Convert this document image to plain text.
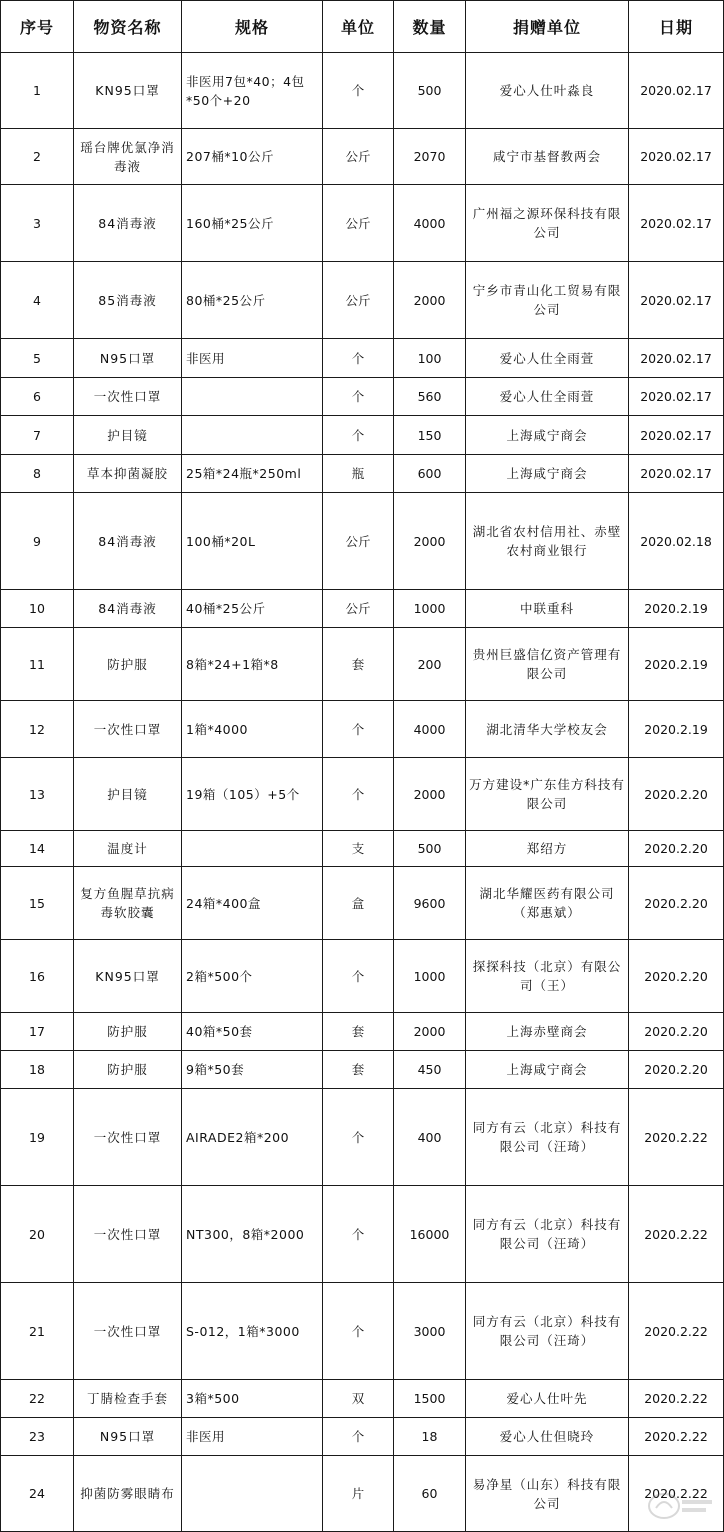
序号	物资名称	规格	单位	数量	捐赠单位	日期
1	KN95口罩	非医用7包*40；4包*50个+20	个	500	爱心人仕叶淼良	2020.02.17
2	瑶台牌优氯净消毒液	207桶*10公斤	公斤	2070	咸宁市基督教两会	2020.02.17
3	84消毒液	160桶*25公斤	公斤	4000	广州福之源环保科技有限公司	2020.02.17
4	85消毒液	80桶*25公斤	公斤	2000	宁乡市青山化工贸易有限公司	2020.02.17
5	N95口罩	非医用	个	100	爱心人仕全雨萱	2020.02.17
6	一次性口罩		个	560	爱心人仕全雨萱	2020.02.17
7	护目镜		个	150	上海咸宁商会	2020.02.17
8	草本抑菌凝胶	25箱*24瓶*250ml	瓶	600	上海咸宁商会	2020.02.17
9	84消毒液	100桶*20L	公斤	2000	湖北省农村信用社、赤壁农村商业银行	2020.02.18
10	84消毒液	40桶*25公斤	公斤	1000	中联重科	2020.2.19
11	防护服	8箱*24+1箱*8	套	200	贵州巨盛信亿资产管理有限公司	2020.2.19
12	一次性口罩	1箱*4000	个	4000	湖北清华大学校友会	2020.2.19
13	护目镜	19箱（105）+5个	个	2000	万方建设*广东佳方科技有限公司	2020.2.20
14	温度计		支	500	郑绍方	2020.2.20
15	复方鱼腥草抗病毒软胶囊	24箱*400盒	盒	9600	湖北华耀医药有限公司（郑惠斌）	2020.2.20
16	KN95口罩	2箱*500个	个	1000	探探科技（北京）有限公司（王）	2020.2.20
17	防护服	40箱*50套	套	2000	上海赤壁商会	2020.2.20
18	防护服	9箱*50套	套	450	上海咸宁商会	2020.2.20
19	一次性口罩	AIRADE2箱*200	个	400	同方有云（北京）科技有限公司（汪琦）	2020.2.22
20	一次性口罩	NT300，8箱*2000	个	16000	同方有云（北京）科技有限公司（汪琦）	2020.2.22
21	一次性口罩	S-012，1箱*3000	个	3000	同方有云（北京）科技有限公司（汪琦）	2020.2.22
22	丁腈检查手套	3箱*500	双	1500	爱心人仕叶先	2020.2.22
23	N95口罩	非医用	个	18	爱心人仕但晓玲	2020.2.22
24	抑菌防雾眼睛布		片	60	易净星（山东）科技有限公司	2020.2.22
